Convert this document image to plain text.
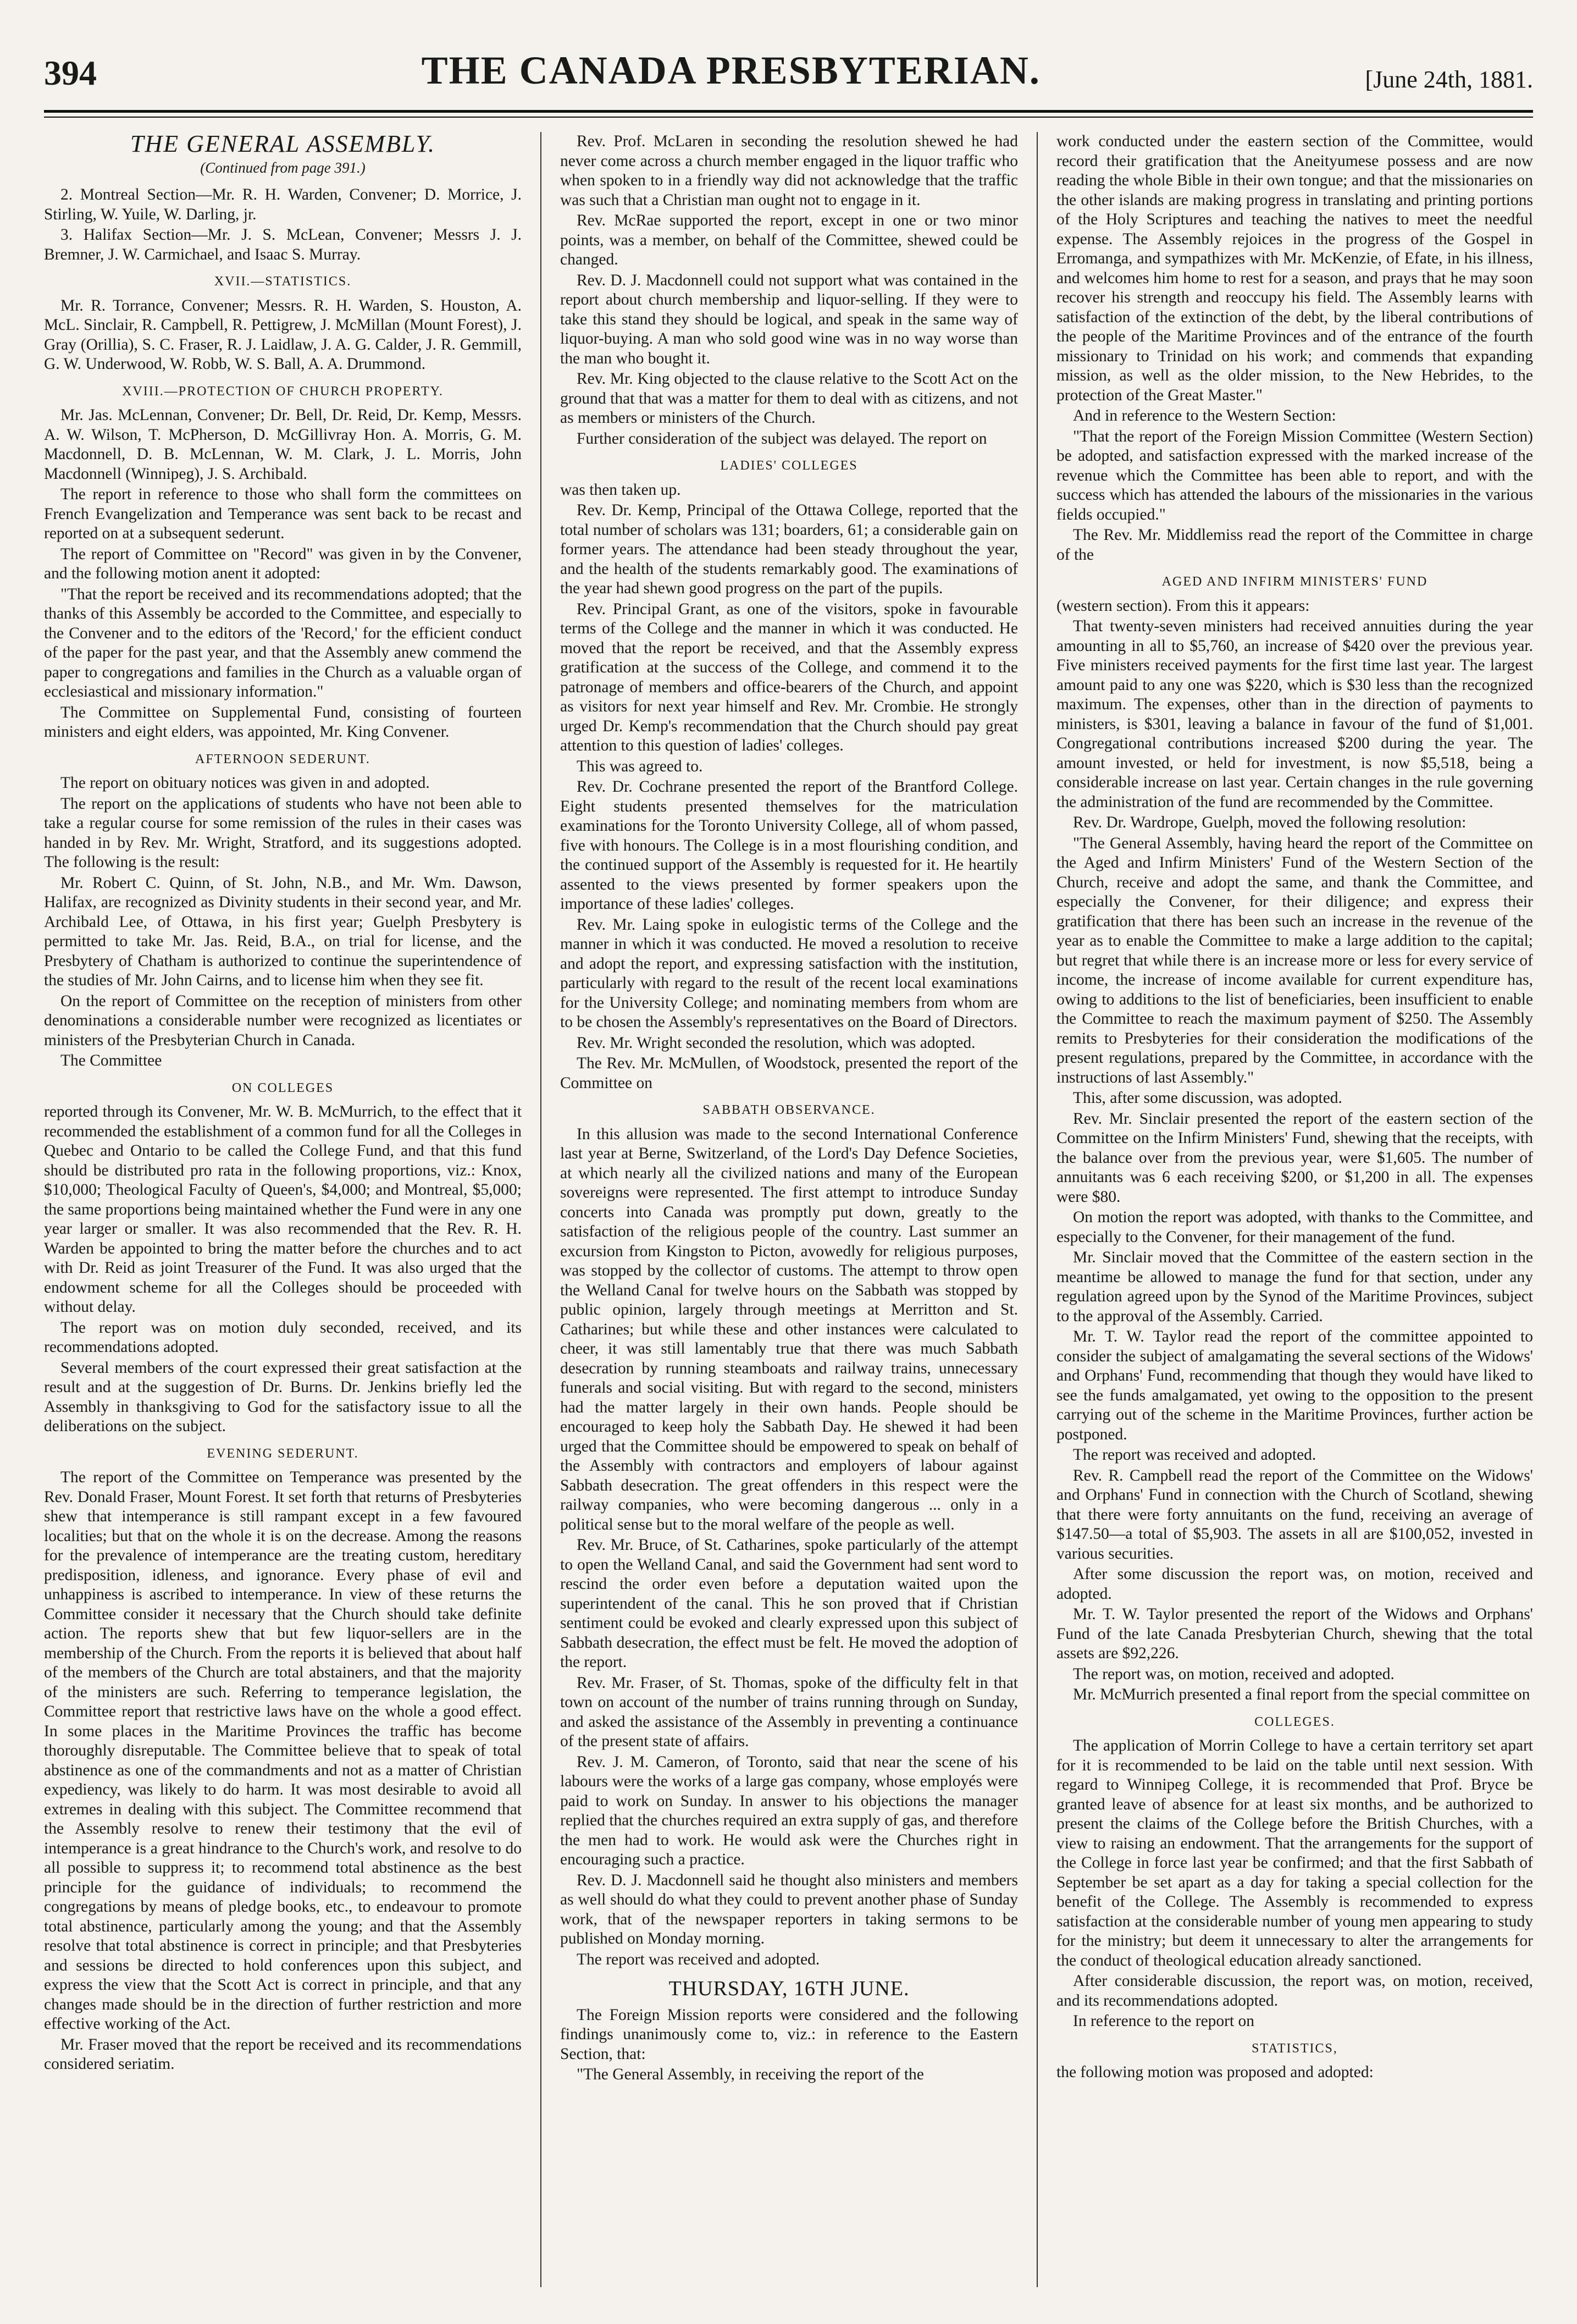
394	THE CANADA PRESBYTERIAN.	[June 24th, 1881.
THE GENERAL ASSEMBLY.
(Continued from page 391.)

2. Montreal Section—Mr. R. H. Warden, Convener; D. Morrice, J. Stirling, W. Yuile, W. Darling, jr.

3. Halifax Section—Mr. J. S. McLean, Convener; Messrs J. J. Bremner, J. W. Carmichael, and Isaac S. Murray.

XVII.—STATISTICS.

Mr. R. Torrance, Convener; Messrs. R. H. Warden, S. Houston, A. McL. Sinclair, R. Campbell, R. Pettigrew, J. McMillan (Mount Forest), J. Gray (Orillia), S. C. Fraser, R. J. Laidlaw, J. A. G. Calder, J. R. Gemmill, G. W. Underwood, W. Robb, W. S. Ball, A. A. Drummond.

XVIII.—PROTECTION OF CHURCH PROPERTY.

Mr. Jas. McLennan, Convener; Dr. Bell, Dr. Reid, Dr. Kemp, Messrs. A. W. Wilson, T. McPherson, D. McGillivray Hon. A. Morris, G. M. Macdonnell, D. B. McLennan, W. M. Clark, J. L. Morris, John Macdonnell (Winnipeg), J. S. Archibald.

The report in reference to those who shall form the committees on French Evangelization and Temperance was sent back to be recast and reported on at a subsequent sederunt.

The report of Committee on "Record" was given in by the Convener, and the following motion anent it adopted:

"That the report be received and its recommendations adopted; that the thanks of this Assembly be accorded to the Committee, and especially to the Convener and to the editors of the 'Record,' for the efficient conduct of the paper for the past year, and that the Assembly anew commend the paper to congregations and families in the Church as a valuable organ of ecclesiastical and missionary information."

The Committee on Supplemental Fund, consisting of fourteen ministers and eight elders, was appointed, Mr. King Convener.

AFTERNOON SEDERUNT.

The report on obituary notices was given in and adopted.

The report on the applications of students who have not been able to take a regular course for some remission of the rules in their cases was handed in by Rev. Mr. Wright, Stratford, and its suggestions adopted. The following is the result:

Mr. Robert C. Quinn, of St. John, N.B., and Mr. Wm. Dawson, Halifax, are recognized as Divinity students in their second year, and Mr. Archibald Lee, of Ottawa, in his first year; Guelph Presbytery is permitted to take Mr. Jas. Reid, B.A., on trial for license, and the Presbytery of Chatham is authorized to continue the superintendence of the studies of Mr. John Cairns, and to license him when they see fit.

On the report of Committee on the reception of ministers from other denominations a considerable number were recognized as licentiates or ministers of the Presbyterian Church in Canada.

The Committee

ON COLLEGES

reported through its Convener, Mr. W. B. McMurrich, to the effect that it recommended the establishment of a common fund for all the Colleges in Quebec and Ontario to be called the College Fund, and that this fund should be distributed pro rata in the following proportions, viz.: Knox, $10,000; Theological Faculty of Queen's, $4,000; and Montreal, $5,000; the same proportions being maintained whether the Fund were in any one year larger or smaller. It was also recommended that the Rev. R. H. Warden be appointed to bring the matter before the churches and to act with Dr. Reid as joint Treasurer of the Fund. It was also urged that the endowment scheme for all the Colleges should be proceeded with without delay.

The report was on motion duly seconded, received, and its recommendations adopted.

Several members of the court expressed their great satisfaction at the result and at the suggestion of Dr. Burns. Dr. Jenkins briefly led the Assembly in thanksgiving to God for the satisfactory issue to all the deliberations on the subject.

EVENING SEDERUNT.

The report of the Committee on Temperance was presented by the Rev. Donald Fraser, Mount Forest. It set forth that returns of Presbyteries shew that intemperance is still rampant except in a few favoured localities; but that on the whole it is on the decrease. Among the reasons for the prevalence of intemperance are the treating custom, hereditary predisposition, idleness, and ignorance. Every phase of evil and unhappiness is ascribed to intemperance. In view of these returns the Committee consider it necessary that the Church should take definite action. The reports shew that but few liquor-sellers are in the membership of the Church. From the reports it is believed that about half of the members of the Church are total abstainers, and that the majority of the ministers are such. Referring to temperance legislation, the Committee report that restrictive laws have on the whole a good effect. In some places in the Maritime Provinces the traffic has become thoroughly disreputable. The Committee believe that to speak of total abstinence as one of the commandments and not as a matter of Christian expediency, was likely to do harm. It was most desirable to avoid all extremes in dealing with this subject. The Committee recommend that the Assembly resolve to renew their testimony that the evil of intemperance is a great hindrance to the Church's work, and resolve to do all possible to suppress it; to recommend total abstinence as the best principle for the guidance of individuals; to recommend the congregations by means of pledge books, etc., to endeavour to promote total abstinence, particularly among the young; and that the Assembly resolve that total abstinence is correct in principle; and that Presbyteries and sessions be directed to hold conferences upon this subject, and express the view that the Scott Act is correct in principle, and that any changes made should be in the direction of further restriction and more effective working of the Act.

Mr. Fraser moved that the report be received and its recommendations considered seriatim.

Rev. Prof. McLaren in seconding the resolution shewed he had never come across a church member engaged in the liquor traffic who when spoken to in a friendly way did not acknowledge that the traffic was such that a Christian man ought not to engage in it.

Rev. McRae supported the report, except in one or two minor points, was a member, on behalf of the Committee, shewed could be changed.

Rev. D. J. Macdonnell could not support what was contained in the report about church membership and liquor-selling. If they were to take this stand they should be logical, and speak in the same way of liquor-buying. A man who sold good wine was in no way worse than the man who bought it.

Rev. Mr. King objected to the clause relative to the Scott Act on the ground that that was a matter for them to deal with as citizens, and not as members or ministers of the Church.

Further consideration of the subject was delayed. The report on

LADIES' COLLEGES

was then taken up.

Rev. Dr. Kemp, Principal of the Ottawa College, reported that the total number of scholars was 131; boarders, 61; a considerable gain on former years. The attendance had been steady throughout the year, and the health of the students remarkably good. The examinations of the year had shewn good progress on the part of the pupils.

Rev. Principal Grant, as one of the visitors, spoke in favourable terms of the College and the manner in which it was conducted. He moved that the report be received, and that the Assembly express gratification at the success of the College, and commend it to the patronage of members and office-bearers of the Church, and appoint as visitors for next year himself and Rev. Mr. Crombie. He strongly urged Dr. Kemp's recommendation that the Church should pay great attention to this question of ladies' colleges.

This was agreed to.

Rev. Dr. Cochrane presented the report of the Brantford College. Eight students presented themselves for the matriculation examinations for the Toronto University College, all of whom passed, five with honours. The College is in a most flourishing condition, and the continued support of the Assembly is requested for it. He heartily assented to the views presented by former speakers upon the importance of these ladies' colleges.

Rev. Mr. Laing spoke in eulogistic terms of the College and the manner in which it was conducted. He moved a resolution to receive and adopt the report, and expressing satisfaction with the institution, particularly with regard to the result of the recent local examinations for the University College; and nominating members from whom are to be chosen the Assembly's representatives on the Board of Directors.

Rev. Mr. Wright seconded the resolution, which was adopted.

The Rev. Mr. McMullen, of Woodstock, presented the report of the Committee on

SABBATH OBSERVANCE.

In this allusion was made to the second International Conference last year at Berne, Switzerland, of the Lord's Day Defence Societies, at which nearly all the civilized nations and many of the European sovereigns were represented. The first attempt to introduce Sunday concerts into Canada was promptly put down, greatly to the satisfaction of the religious people of the country. Last summer an excursion from Kingston to Picton, avowedly for religious purposes, was stopped by the collector of customs. The attempt to throw open the Welland Canal for twelve hours on the Sabbath was stopped by public opinion, largely through meetings at Merritton and St. Catharines; but while these and other instances were calculated to cheer, it was still lamentably true that there was much Sabbath desecration by running steamboats and railway trains, unnecessary funerals and social visiting. But with regard to the second, ministers had the matter largely in their own hands. People should be encouraged to keep holy the Sabbath Day. He shewed it had been urged that the Committee should be empowered to speak on behalf of the Assembly with contractors and employers of labour against Sabbath desecration. The great offenders in this respect were the railway companies, who were becoming dangerous ... only in a political sense but to the moral welfare of the people as well.

Rev. Mr. Bruce, of St. Catharines, spoke particularly of the attempt to open the Welland Canal, and said the Government had sent word to rescind the order even before a deputation waited upon the superintendent of the canal. This he son proved that if Christian sentiment could be evoked and clearly expressed upon this subject of Sabbath desecration, the effect must be felt. He moved the adoption of the report.

Rev. Mr. Fraser, of St. Thomas, spoke of the difficulty felt in that town on account of the number of trains running through on Sunday, and asked the assistance of the Assembly in preventing a continuance of the present state of affairs.

Rev. J. M. Cameron, of Toronto, said that near the scene of his labours were the works of a large gas company, whose employés were paid to work on Sunday. In answer to his objections the manager replied that the churches required an extra supply of gas, and therefore the men had to work. He would ask were the Churches right in encouraging such a practice.

Rev. D. J. Macdonnell said he thought also ministers and members as well should do what they could to prevent another phase of Sunday work, that of the newspaper reporters in taking sermons to be published on Monday morning.

The report was received and adopted.

THURSDAY, 16TH JUNE.

The Foreign Mission reports were considered and the following findings unanimously come to, viz.: in reference to the Eastern Section, that:

"The General Assembly, in receiving the report of the

work conducted under the eastern section of the Committee, would record their gratification that the Aneityumese possess and are now reading the whole Bible in their own tongue; and that the missionaries on the other islands are making progress in translating and printing portions of the Holy Scriptures and teaching the natives to meet the needful expense. The Assembly rejoices in the progress of the Gospel in Erromanga, and sympathizes with Mr. McKenzie, of Efate, in his illness, and welcomes him home to rest for a season, and prays that he may soon recover his strength and reoccupy his field. The Assembly learns with satisfaction of the extinction of the debt, by the liberal contributions of the people of the Maritime Provinces and of the entrance of the fourth missionary to Trinidad on his work; and commends that expanding mission, as well as the older mission, to the New Hebrides, to the protection of the Great Master."

And in reference to the Western Section:

"That the report of the Foreign Mission Committee (Western Section) be adopted, and satisfaction expressed with the marked increase of the revenue which the Committee has been able to report, and with the success which has attended the labours of the missionaries in the various fields occupied."

The Rev. Mr. Middlemiss read the report of the Committee in charge of the

AGED AND INFIRM MINISTERS' FUND

(western section). From this it appears:

That twenty-seven ministers had received annuities during the year amounting in all to $5,760, an increase of $420 over the previous year. Five ministers received payments for the first time last year. The largest amount paid to any one was $220, which is $30 less than the recognized maximum. The expenses, other than in the direction of payments to ministers, is $301, leaving a balance in favour of the fund of $1,001. Congregational contributions increased $200 during the year. The amount invested, or held for investment, is now $5,518, being a considerable increase on last year. Certain changes in the rule governing the administration of the fund are recommended by the Committee.

Rev. Dr. Wardrope, Guelph, moved the following resolution:

"The General Assembly, having heard the report of the Committee on the Aged and Infirm Ministers' Fund of the Western Section of the Church, receive and adopt the same, and thank the Committee, and especially the Convener, for their diligence; and express their gratification that there has been such an increase in the revenue of the year as to enable the Committee to make a large addition to the capital; but regret that while there is an increase more or less for every service of income, the increase of income available for current expenditure has, owing to additions to the list of beneficiaries, been insufficient to enable the Committee to reach the maximum payment of $250. The Assembly remits to Presbyteries for their consideration the modifications of the present regulations, prepared by the Committee, in accordance with the instructions of last Assembly."

This, after some discussion, was adopted.

Rev. Mr. Sinclair presented the report of the eastern section of the Committee on the Infirm Ministers' Fund, shewing that the receipts, with the balance over from the previous year, were $1,605. The number of annuitants was 6 each receiving $200, or $1,200 in all. The expenses were $80.

On motion the report was adopted, with thanks to the Committee, and especially to the Convener, for their management of the fund.

Mr. Sinclair moved that the Committee of the eastern section in the meantime be allowed to manage the fund for that section, under any regulation agreed upon by the Synod of the Maritime Provinces, subject to the approval of the Assembly. Carried.

Mr. T. W. Taylor read the report of the committee appointed to consider the subject of amalgamating the several sections of the Widows' and Orphans' Fund, recommending that though they would have liked to see the funds amalgamated, yet owing to the opposition to the present carrying out of the scheme in the Maritime Provinces, further action be postponed.

The report was received and adopted.

Rev. R. Campbell read the report of the Committee on the Widows' and Orphans' Fund in connection with the Church of Scotland, shewing that there were forty annuitants on the fund, receiving an average of $147.50—a total of $5,903. The assets in all are $100,052, invested in various securities.

After some discussion the report was, on motion, received and adopted.

Mr. T. W. Taylor presented the report of the Widows and Orphans' Fund of the late Canada Presbyterian Church, shewing that the total assets are $92,226.

The report was, on motion, received and adopted.

Mr. McMurrich presented a final report from the special committee on

COLLEGES.

The application of Morrin College to have a certain territory set apart for it is recommended to be laid on the table until next session. With regard to Winnipeg College, it is recommended that Prof. Bryce be granted leave of absence for at least six months, and be authorized to present the claims of the College before the British Churches, with a view to raising an endowment. That the arrangements for the support of the College in force last year be confirmed; and that the first Sabbath of September be set apart as a day for taking a special collection for the benefit of the College. The Assembly is recommended to express satisfaction at the considerable number of young men appearing to study for the ministry; but deem it unnecessary to alter the arrangements for the conduct of theological education already sanctioned.

After considerable discussion, the report was, on motion, received, and its recommendations adopted.

In reference to the report on

STATISTICS,

the following motion was proposed and adopted:
